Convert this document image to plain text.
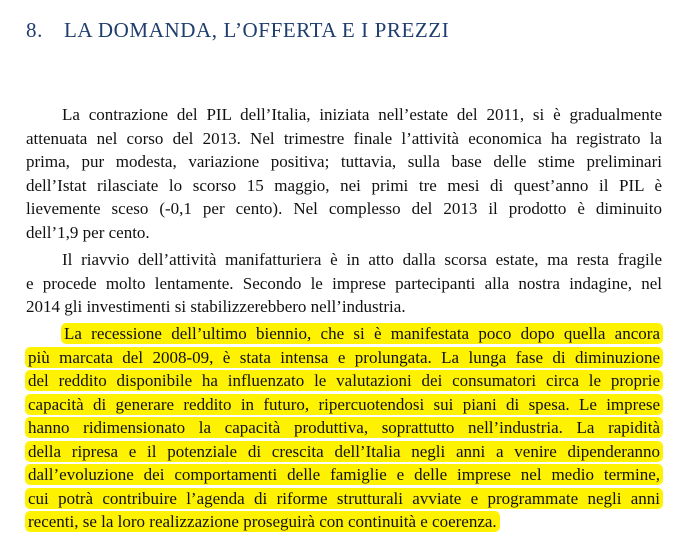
8. LA DOMANDA, L’OFFERTA E I PREZZI
La contrazione del PIL dell’Italia, iniziata nell’estate del 2011, si è gradualmente
attenuata nel corso del 2013. Nel trimestre finale l’attività economica ha registrato la
prima, pur modesta, variazione positiva; tuttavia, sulla base delle stime preliminari
dell’Istat rilasciate lo scorso 15 maggio, nei primi tre mesi di quest’anno il PIL è
lievemente sceso (-0,1 per cento). Nel complesso del 2013 il prodotto è diminuito
dell’1,9 per cento.
Il riavvio dell’attività manifatturiera è in atto dalla scorsa estate, ma resta fragile
e procede molto lentamente. Secondo le imprese partecipanti alla nostra indagine, nel
2014 gli investimenti si stabilizzerebbero nell’industria.
La recessione dell’ultimo biennio, che si è manifestata poco dopo quella ancora
più marcata del 2008-09, è stata intensa e prolungata. La lunga fase di diminuzione
del reddito disponibile ha influenzato le valutazioni dei consumatori circa le proprie
capacità di generare reddito in futuro, ripercuotendosi sui piani di spesa. Le imprese
hanno ridimensionato la capacità produttiva, soprattutto nell’industria. La rapidità
della ripresa e il potenziale di crescita dell’Italia negli anni a venire dipenderanno
dall’evoluzione dei comportamenti delle famiglie e delle imprese nel medio termine,
cui potrà contribuire l’agenda di riforme strutturali avviate e programmate negli anni
recenti, se la loro realizzazione proseguirà con continuità e coerenza.
